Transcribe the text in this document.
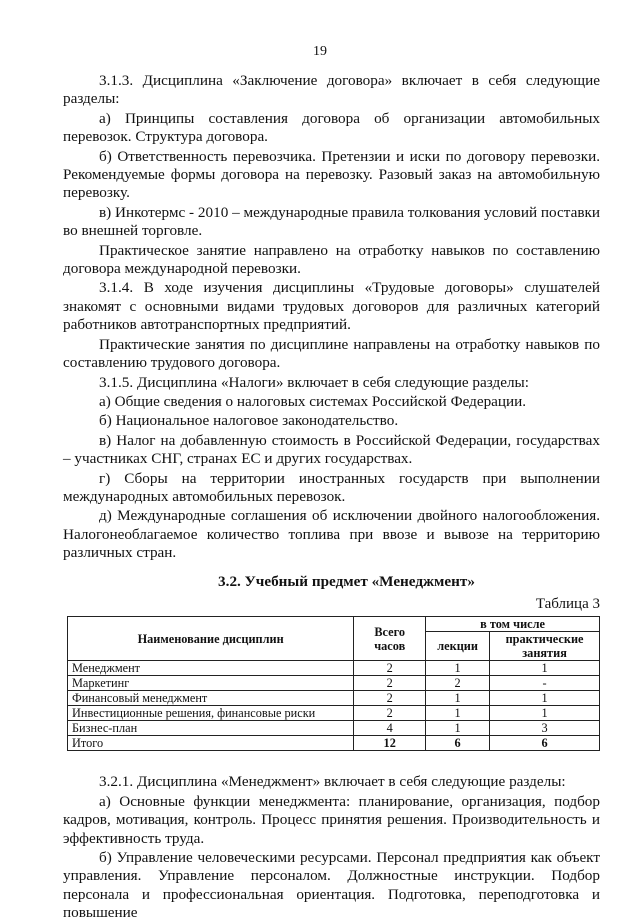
19

3.1.3. Дисциплина «Заключение договора» включает в себя следующие разделы:

а) Принципы составления договора об организации автомобильных перевозок. Структура договора.

б) Ответственность перевозчика. Претензии и иски по договору перевозки. Рекомендуемые формы договора на перевозку. Разовый заказ на автомобильную перевозку.

в) Инкотермс - 2010 – международные правила толкования условий поставки во внешней торговле.

Практическое занятие направлено на отработку навыков по составлению договора международной перевозки.

3.1.4. В ходе изучения дисциплины «Трудовые договоры» слушателей знакомят с основными видами трудовых договоров для различных категорий работников автотранспортных предприятий.

Практические занятия по дисциплине направлены на отработку навыков по составлению трудового договора.

3.1.5. Дисциплина «Налоги» включает в себя следующие разделы:

а) Общие сведения о налоговых системах Российской Федерации.

б) Национальное налоговое законодательство.

в) Налог на добавленную стоимость в Российской Федерации, государствах – участниках СНГ, странах ЕС и других государствах.

г) Сборы на территории иностранных государств при выполнении международных автомобильных перевозок.

д) Международные соглашения об исключении двойного налогообложения. Налогонеоблагаемое количество топлива при ввозе и вывозе на территорию различных стран.

3.2. Учебный предмет «Менеджмент»
Таблица 3
Наименование дисциплин	Всего часов	в том числе	
		лекции	практические занятия
Менеджмент	2	1	1
Маркетинг	2	2	-
Финансовый менеджмент	2	1	1
Инвестиционные решения, финансовые риски	2	1	1
Бизнес-план	4	1	3
Итого	12	6	6

3.2.1. Дисциплина «Менеджмент» включает в себя следующие разделы:

а) Основные функции менеджмента: планирование, организация, подбор кадров, мотивация, контроль. Процесс принятия решения. Производительность и эффективность труда.

б) Управление человеческими ресурсами. Персонал предприятия как объект управления. Управление персоналом. Должностные инструкции. Подбор персонала и профессиональная ориентация. Подготовка, переподготовка и повышение
